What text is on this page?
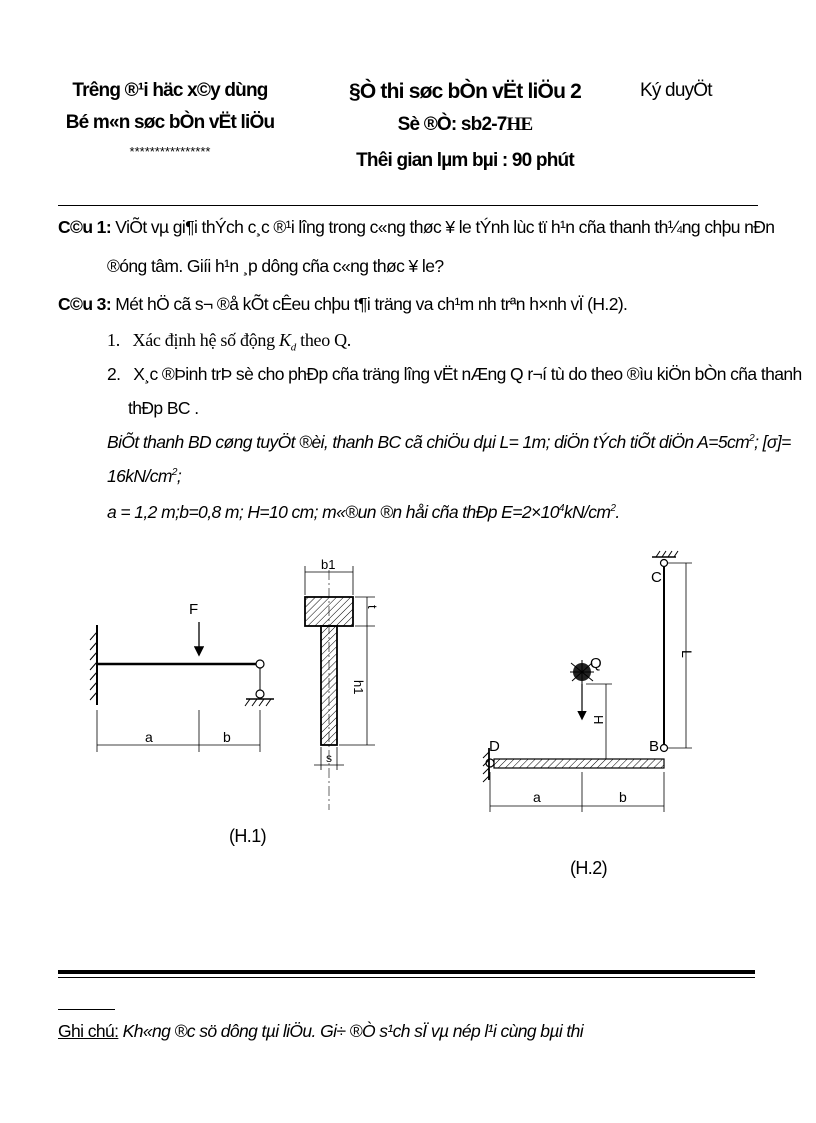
Trêng ®¹i häc x©y dùng
Bé m«n søc bÒn vËt liÖu
****************
§Ò thi søc bÒn vËt liÖu 2
Sè ®Ò: sb2-7HE
Thêi gian lµm bµi : 90 phút
Ký duyÖt
C©u 1: ViÕt vµ gi¶i thÝch c¸c ®¹i lîng trong c«ng thøc ¥ le tÝnh lùc tï h¹n cña thanh th¼ng chþu nÐn
®óng tâm. Giíi h¹n ¸p dông cña c«ng thøc ¥ le?
C©u 3: Mét hÖ cã s¬ ®å kÕt cÊeu chþu t¶i träng va ch¹m nh trªn h×nh vÏ (H.2).
1. Xác định hệ số động $K_d$ theo Q.
2. X¸c ®Þinh trÞ sè cho phÐp cña träng lîng vËt nÆng Q r¬í tù do theo ®ìu kiÖn bÒn cña thanh
thÐp BC .
BiÕt thanh BD cøng tuyÖt ®èi, thanh BC cã chiÖu dµi L= 1m; diÖn tÝch tiÕt diÖn $A=5cm^2$; [σ]=
$16kN/cm^2$;
a = 1,2 m;b=0,8 m; H=10 cm; m«®un ®n håi cña thÐp $E=2\times 10^4kN/cm^2$.
F
a	b
b1
t
h1
s
C
B
L
D
Q
H
a	b
(H.1)
(H.2)
Ghi chú: Kh«ng ®c sö dông tµi liÖu. Gi÷ ®Ò s¹ch sÏ vµ nép l¹i cùng bµi thi
